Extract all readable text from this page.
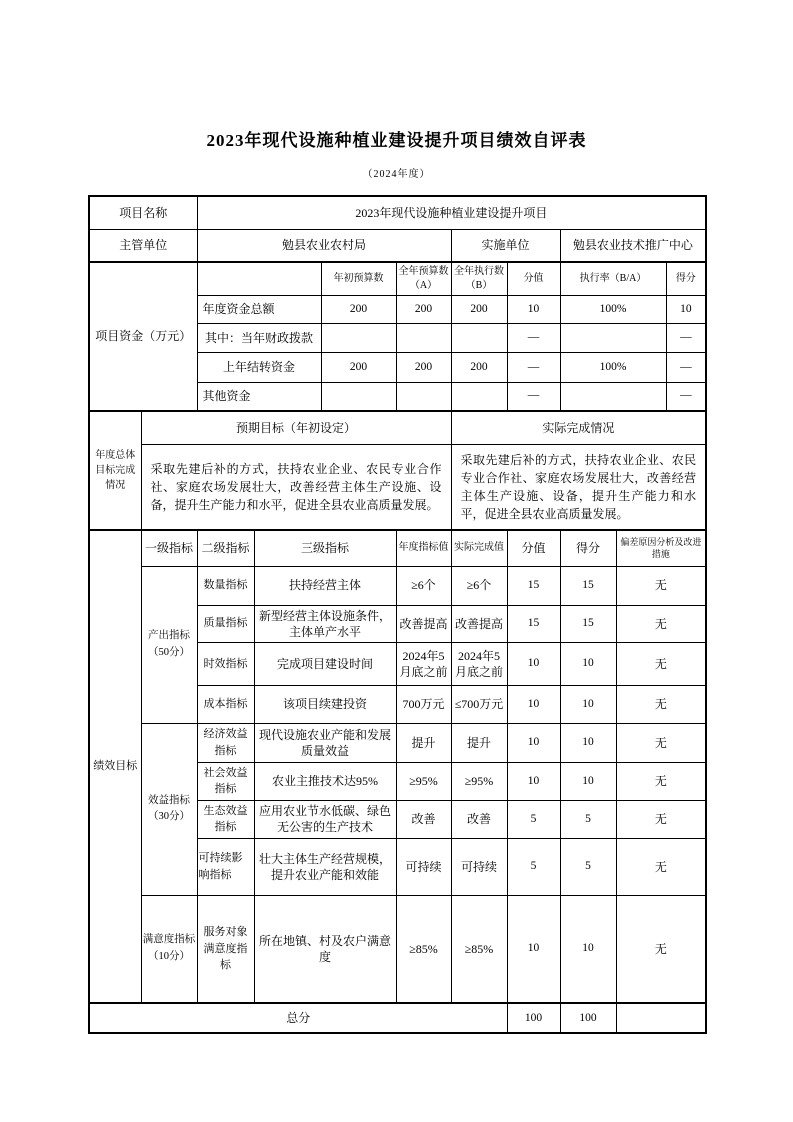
2023年现代设施种植业建设提升项目绩效自评表

（2024年度）

项目名称		2023年现代设施种植业建设提升项目								
主管单位		勉县农业农村局				实施单位		勉县农业技术推广中心		
项目资金（万元）				年初预算数	全年预算数（A）	全年执行数（B）	分值	执行率（B/A）		得分
		年度资金总额		200	200	200	10	100%		10
		其中：当年财政拨款					—			—
		上年结转资金		200	200	200	—	100%		—
		其他资金					—			—
年度总体目标完成情况	预期目标（年初设定）					实际完成情况				
	采取先建后补的方式，扶持农业企业、农民专业合作社、家庭农场发展壮大，改善经营主体生产设施、设备，提升生产能力和水平，促进全县农业高质量发展。					采取先建后补的方式，扶持农业企业、农民专业合作社、家庭农场发展壮大，改善经营主体生产设施、设备，提升生产能力和水平，促进全县农业高质量发展。				
绩效目标	一级指标	二级指标	三级指标		年度指标值	实际完成值	分值	得分	偏差原因分析及改进措施	
	产出指标（50分）	数量指标	扶持经营主体		≥6个	≥6个	15	15	无	
		质量指标	新型经营主体设施条件，主体单产水平		改善提高	改善提高	15	15	无	
		时效指标	完成项目建设时间		2024年5月底之前	2024年5月底之前	10	10	无	
		成本指标	该项目续建投资		700万元	≤700万元	10	10	无	
	效益指标（30分）	经济效益指标	现代设施农业产能和发展质量效益		提升	提升	10	10	无	
		社会效益指标	农业主推技术达95%		≥95%	≥95%	10	10	无	
		生态效益指标	应用农业节水低碳、绿色无公害的生产技术		改善	改善	5	5	无	
		可持续影响指标	壮大主体生产经营规模，提升农业产能和效能		可持续	可持续	5	5	无	
	满意度指标（10分）	服务对象满意度指标	所在地镇、村及农户满意度		≥85%	≥85%	10	10	无	
总分							100	100		
